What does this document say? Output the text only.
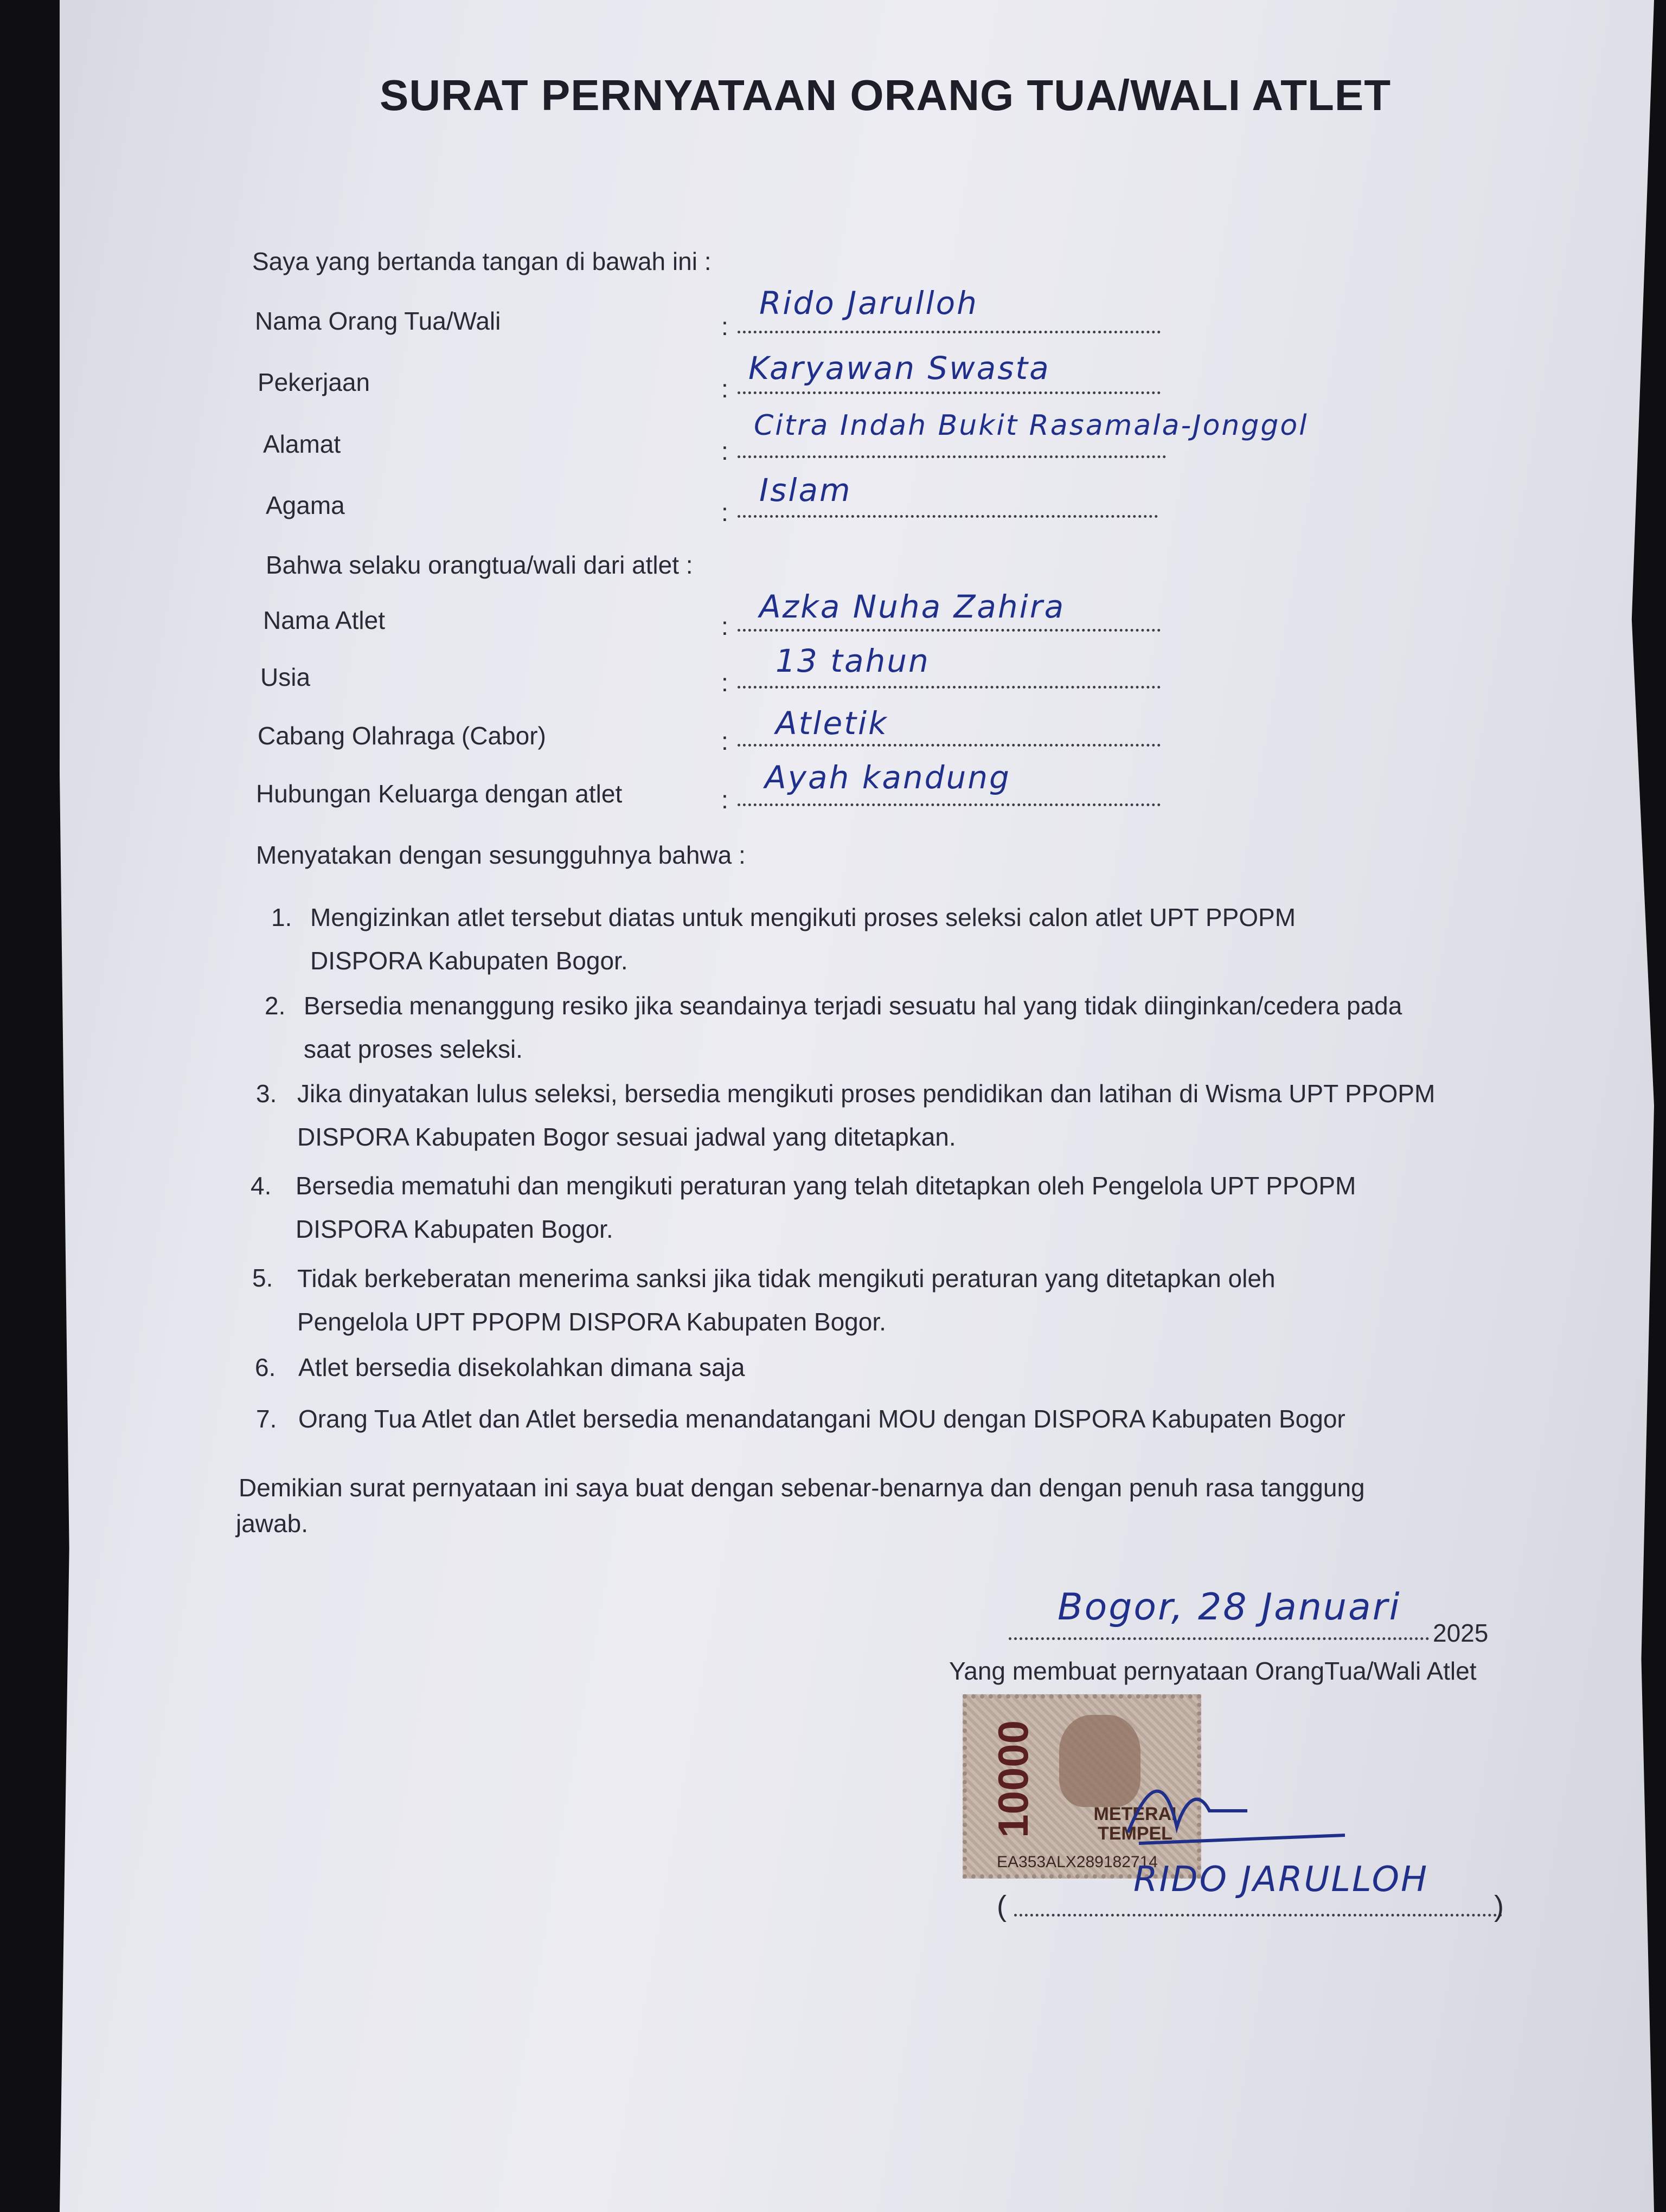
SURAT PERNYATAAN ORANG TUA/WALI ATLET
Saya yang bertanda tangan di bawah ini :
Nama Orang Tua/Wali	:
Rido Jarulloh
Pekerjaan	:
Karyawan Swasta
Alamat	:
Citra Indah Bukit Rasamala-Jonggol
Agama	:
Islam
Bahwa selaku orangtua/wali dari atlet :
Nama Atlet	:
Azka Nuha Zahira
Usia	:
13 tahun
Cabang Olahraga (Cabor)	: Atletik
Hubungan Keluarga dengan atlet	:
Ayah kandung
Menyatakan dengan sesungguhnya bahwa :
1. Mengizinkan atlet tersebut diatas untuk mengikuti proses seleksi calon atlet UPT PPOPM
DISPORA Kabupaten Bogor.
2. Bersedia menanggung resiko jika seandainya terjadi sesuatu hal yang tidak diinginkan/cedera pada
saat proses seleksi.
3. Jika dinyatakan lulus seleksi, bersedia mengikuti proses pendidikan dan latihan di Wisma UPT PPOPM
DISPORA Kabupaten Bogor sesuai jadwal yang ditetapkan.
4. Bersedia mematuhi dan mengikuti peraturan yang telah ditetapkan oleh Pengelola UPT PPOPM
DISPORA Kabupaten Bogor.
5. Tidak berkeberatan menerima sanksi jika tidak mengikuti peraturan yang ditetapkan oleh
Pengelola UPT PPOPM DISPORA Kabupaten Bogor.
6. Atlet bersedia disekolahkan dimana saja
7. Orang Tua Atlet dan Atlet bersedia menandatangani MOU dengan DISPORA Kabupaten Bogor
Demikian surat pernyataan ini saya buat dengan sebenar-benarnya dan dengan penuh rasa tanggung
jawab.
Bogor, 28 Januari
2025
Yang membuat pernyataan OrangTua/Wali Atlet
10000	METERAI TEMPEL
EA353ALX289182714
(
RIDO JARULLOH
)
